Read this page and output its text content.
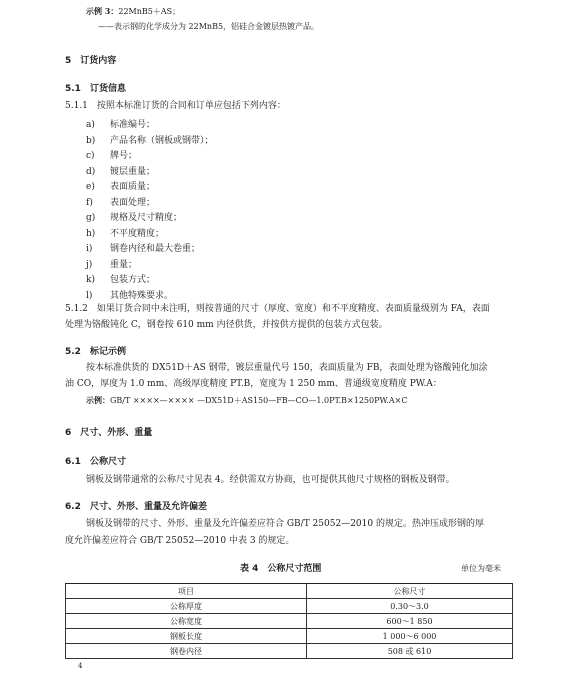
示例 3：22MnB5＋AS；
——表示钢的化学成分为 22MnB5，铝硅合金镀层热镀产品。
5　订货内容
5.1　订货信息
5.1.1　按照本标准订货的合同和订单应包括下列内容：
a) 标准编号；
b) 产品名称（钢板或钢带）；
c) 牌号；
d) 镀层重量；
e) 表面质量；
f) 表面处理；
g) 规格及尺寸精度；
h) 不平度精度；
i) 钢卷内径和最大卷重；
j) 重量；
k) 包装方式；
l) 其他特殊要求。
5.1.2　如果订货合同中未注明，则按普通的尺寸（厚度、宽度）和不平度精度、表面质量级别为 FA，表面
处理为铬酸钝化 C，钢卷按 610 mm 内径供货，并按供方提供的包装方式包装。
5.2　标记示例
按本标准供货的 DX51D＋AS 钢带，镀层重量代号 150，表面质量为 FB，表面处理为铬酸钝化加涂
油 CO，厚度为 1.0 mm、高级厚度精度 PT.B，宽度为 1 250 mm、普通级宽度精度 PW.A：
示例：GB/T ××××—×××× —DX51D＋AS150—FB—CO—1.0PT.B×1250PW.A×C
6　尺寸、外形、重量
6.1　公称尺寸
钢板及钢带通常的公称尺寸见表 4。经供需双方协商，也可提供其他尺寸规格的钢板及钢带。
6.2　尺寸、外形、重量及允许偏差
钢板及钢带的尺寸、外形、重量及允许偏差应符合 GB/T 25052—2010 的规定。热冲压成形钢的厚
度允许偏差应符合 GB/T 25052—2010 中表 3 的规定。
表 4　公称尺寸范围	单位为毫米
项目	公称尺寸
公称厚度	0.30～3.0
公称宽度	600～1 850
钢板长度	1 000～6 000
钢卷内径	508 或 610
4
